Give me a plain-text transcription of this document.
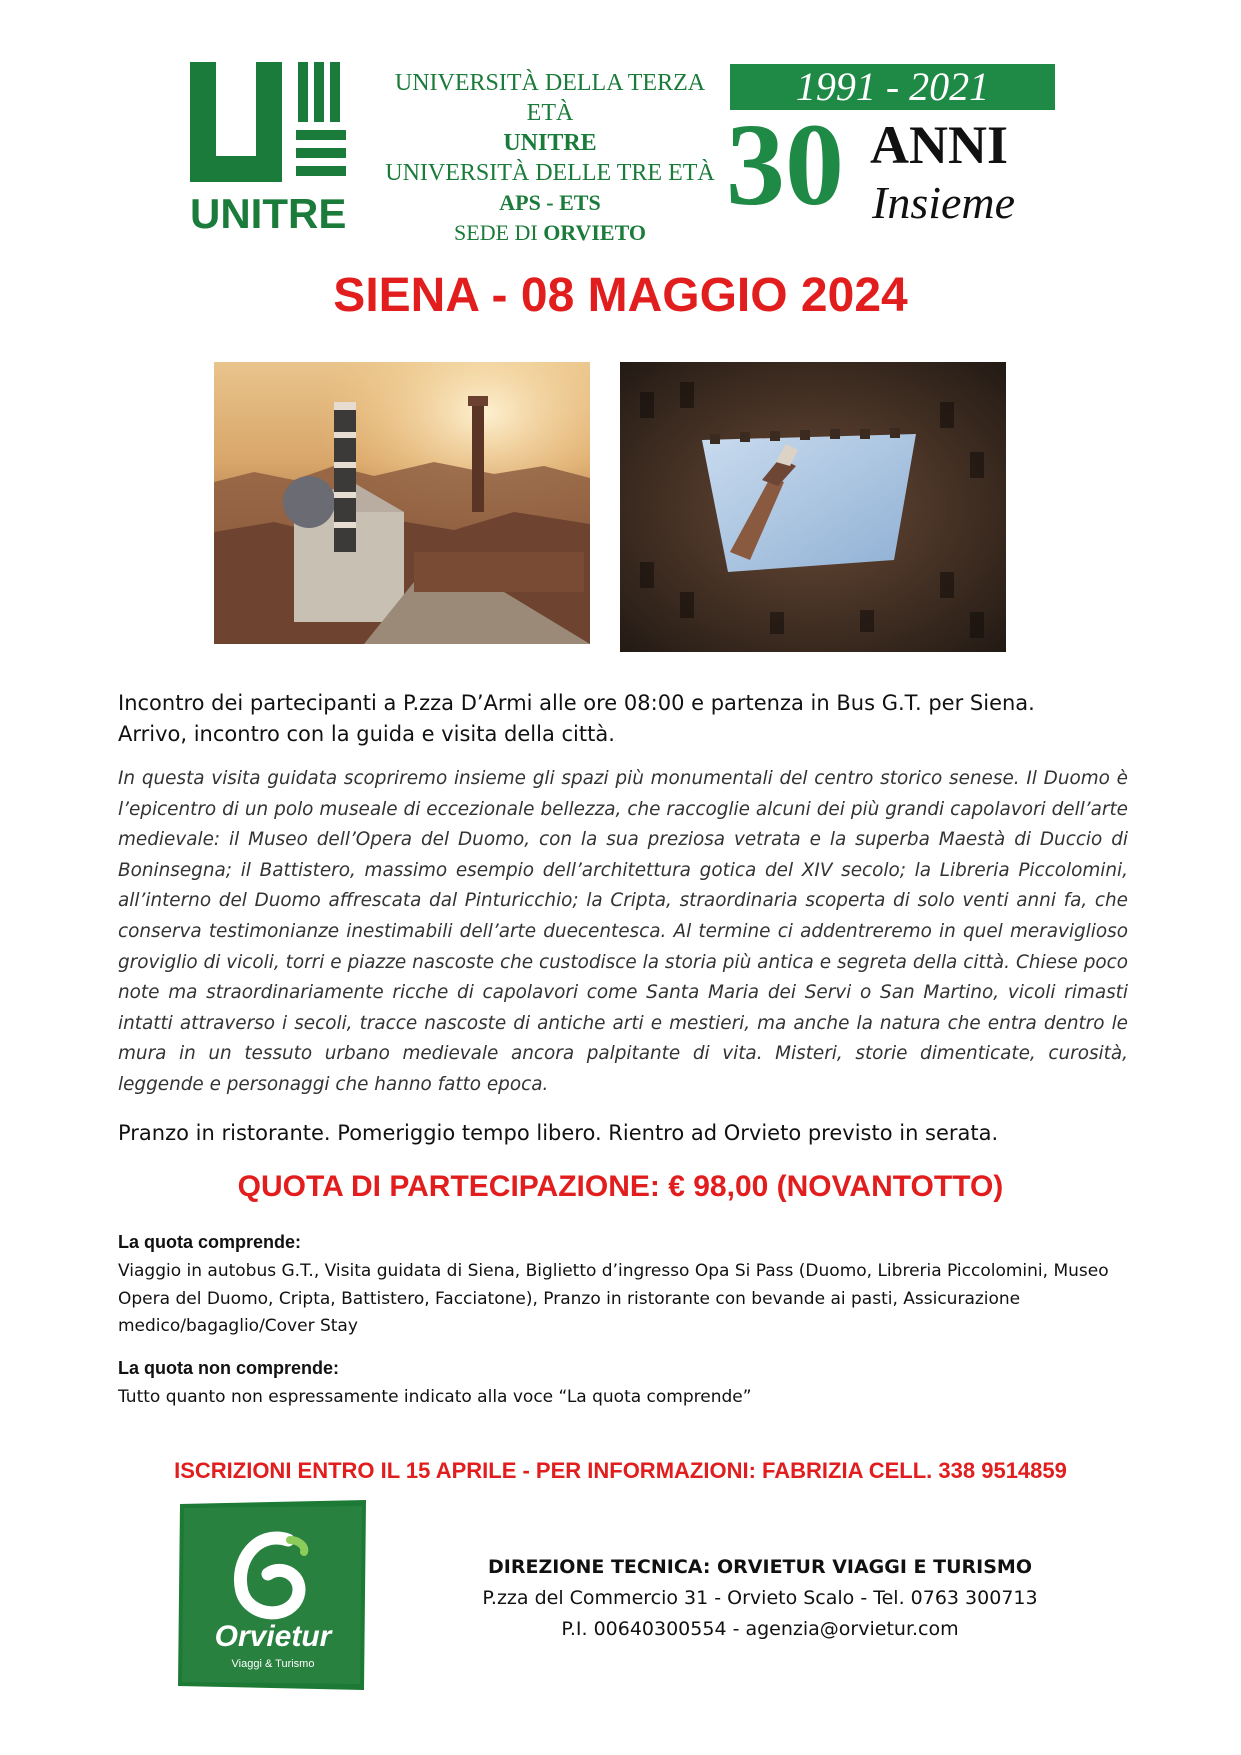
UNITRE
UNIVERSITÀ DELLA TERZA ETÀ
UNITRE
UNIVERSITÀ DELLE TRE ETÀ
APS - ETS
SEDE DI ORVIETO
1991 - 2021
30 ANNI
Insieme
SIENA - 08 MAGGIO 2024
Incontro dei partecipanti a P.zza D’Armi alle ore 08:00 e partenza in Bus G.T. per Siena.
Arrivo, incontro con la guida e visita della città.
In questa visita guidata scopriremo insieme gli spazi più monumentali del centro storico senese. Il Duomo è l’epicentro di un polo museale di eccezionale bellezza, che raccoglie alcuni dei più grandi capolavori dell’arte medievale: il Museo dell’Opera del Duomo, con la sua preziosa vetrata e la superba Maestà di Duccio di Boninsegna; il Battistero, massimo esempio dell’architettura gotica del XIV secolo; la Libreria Piccolomini, all’interno del Duomo affrescata dal Pinturicchio; la Cripta, straordinaria scoperta di solo venti anni fa, che conserva testimonianze inestimabili dell’arte duecentesca. Al termine ci addentreremo in quel meraviglioso groviglio di vicoli, torri e piazze nascoste che custodisce la storia più antica e segreta della città. Chiese poco note ma straordinariamente ricche di capolavori come Santa Maria dei Servi o San Martino, vicoli rimasti intatti attraverso i secoli, tracce nascoste di antiche arti e mestieri, ma anche la natura che entra dentro le mura in un tessuto urbano medievale ancora palpitante di vita. Misteri, storie dimenticate, curosità, leggende e personaggi che hanno fatto epoca.
Pranzo in ristorante. Pomeriggio tempo libero. Rientro ad Orvieto previsto in serata.
QUOTA DI PARTECIPAZIONE: € 98,00 (NOVANTOTTO)
La quota comprende:
Viaggio in autobus G.T., Visita guidata di Siena, Biglietto d’ingresso Opa Si Pass (Duomo, Libreria Piccolomini, Museo Opera del Duomo, Cripta, Battistero, Facciatone), Pranzo in ristorante con bevande ai pasti, Assicurazione medico/bagaglio/Cover Stay
La quota non comprende:
Tutto quanto non espressamente indicato alla voce “La quota comprende”
ISCRIZIONI ENTRO IL 15 APRILE - PER INFORMAZIONI: FABRIZIA CELL. 338 9514859
Orvietur
Viaggi & Turismo
DIREZIONE TECNICA: ORVIETUR VIAGGI E TURISMO
P.zza del Commercio 31 - Orvieto Scalo - Tel. 0763 300713
P.I. 00640300554 - agenzia@orvietur.com
